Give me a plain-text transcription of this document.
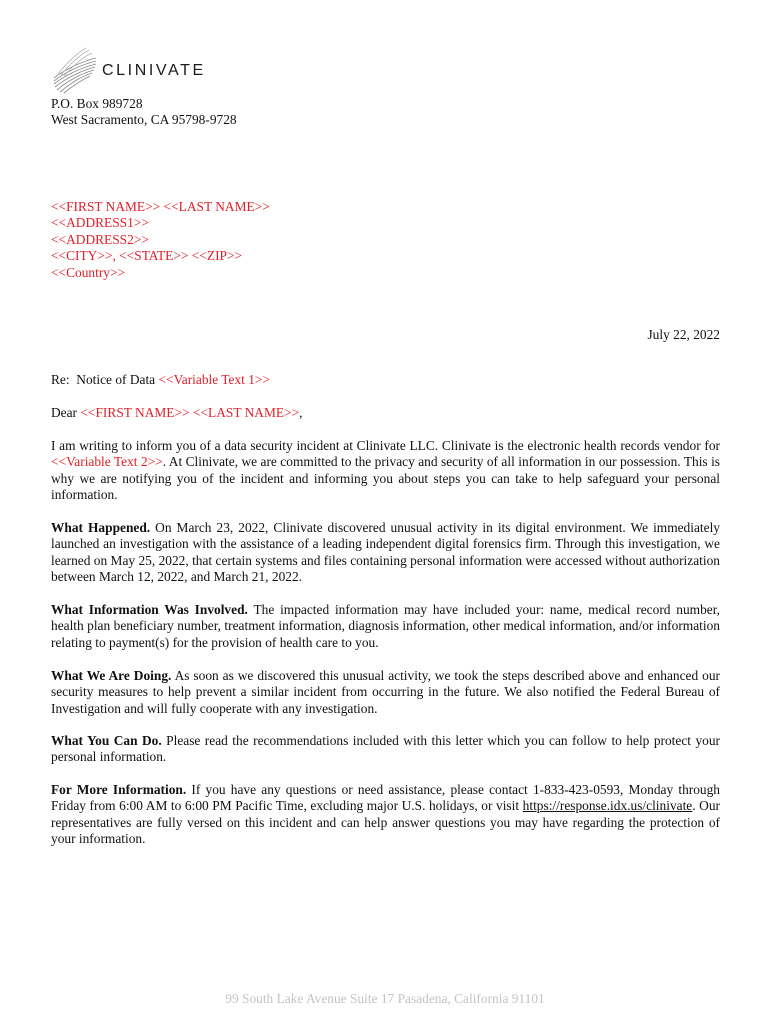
CLINIVATE
P.O. Box 989728
West Sacramento, CA 95798-9728
<<FIRST NAME>> <<LAST NAME>>
<<ADDRESS1>>
<<ADDRESS2>>
<<CITY>>, <<STATE>> <<ZIP>>
<<Country>>
July 22, 2022
Re:  Notice of Data <<Variable Text 1>>
Dear <<FIRST NAME>> <<LAST NAME>>,
I am writing to inform you of a data security incident at Clinivate LLC. Clinivate is the electronic health records vendor for <<Variable Text 2>>. At Clinivate, we are committed to the privacy and security of all information in our possession. This is why we are notifying you of the incident and informing you about steps you can take to help safeguard your personal information.
What Happened. On March 23, 2022, Clinivate discovered unusual activity in its digital environment. We immediately launched an investigation with the assistance of a leading independent digital forensics firm. Through this investigation, we learned on May 25, 2022, that certain systems and files containing personal information were accessed without authorization between March 12, 2022, and March 21, 2022.
What Information Was Involved. The impacted information may have included your: name, medical record number, health plan beneficiary number, treatment information, diagnosis information, other medical information, and/or information relating to payment(s) for the provision of health care to you.
What We Are Doing. As soon as we discovered this unusual activity, we took the steps described above and enhanced our security measures to help prevent a similar incident from occurring in the future. We also notified the Federal Bureau of Investigation and will fully cooperate with any investigation.
What You Can Do. Please read the recommendations included with this letter which you can follow to help protect your personal information.
For More Information. If you have any questions or need assistance, please contact 1-833-423-0593, Monday through Friday from 6:00 AM to 6:00 PM Pacific Time, excluding major U.S. holidays, or visit https://response.idx.us/clinivate. Our representatives are fully versed on this incident and can help answer questions you may have regarding the protection of your information.
99 South Lake Avenue Suite 17 Pasadena, California 91101
